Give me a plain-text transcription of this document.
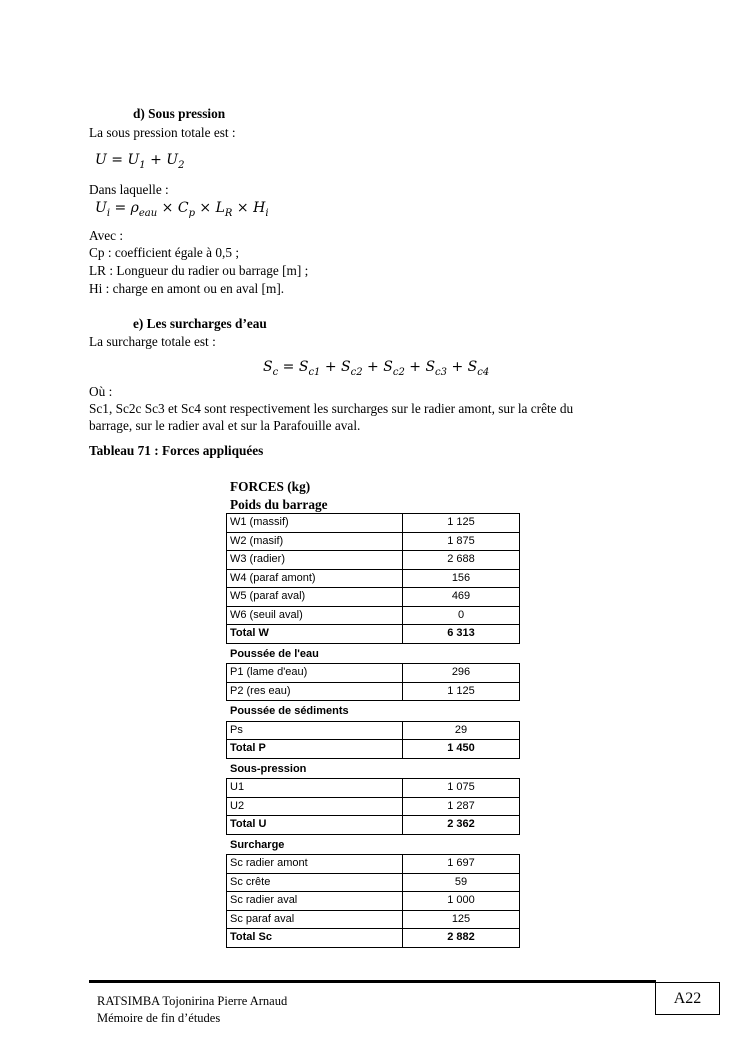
d) Sous pression
La sous pression totale est :
$U = U_1 + U_2$
Dans laquelle :
$U_i = \rho_{eau} \times C_p \times L_R \times H_i$
Avec :
Cp : coefficient égale à 0,5 ;
LR : Longueur du radier ou barrage [m] ;
Hi : charge en amont ou en aval [m].
e) Les surcharges d’eau
La surcharge totale est :
$S_c = S_{c1} + S_{c2} + S_{c2} + S_{c3} + S_{c4}$
Où :
Sc1, Sc2c Sc3 et Sc4 sont respectivement les surcharges sur le radier amont, sur la crête du
barrage, sur le radier aval et sur la Parafouille aval.
Tableau 71 : Forces appliquées
FORCES (kg)
Poids du barrage
W1 (massif)	1 125
W2 (masif)	1 875
W3 (radier)	2 688
W4 (paraf amont)	156
W5 (paraf aval)	469
W6 (seuil aval)	0
Total W	6 313
Poussée de l'eau
P1 (lame d'eau)	296
P2 (res eau)	1 125
Poussée de sédiments
Ps	29
Total P	1 450
Sous-pression
U1	1 075
U2	1 287
Total U	2 362
Surcharge
Sc radier amont	1 697
Sc crête	59
Sc radier aval	1 000
Sc paraf aval	125
Total Sc	2 882
A22
RATSIMBA Tojonirina Pierre Arnaud
Mémoire de fin d’études
